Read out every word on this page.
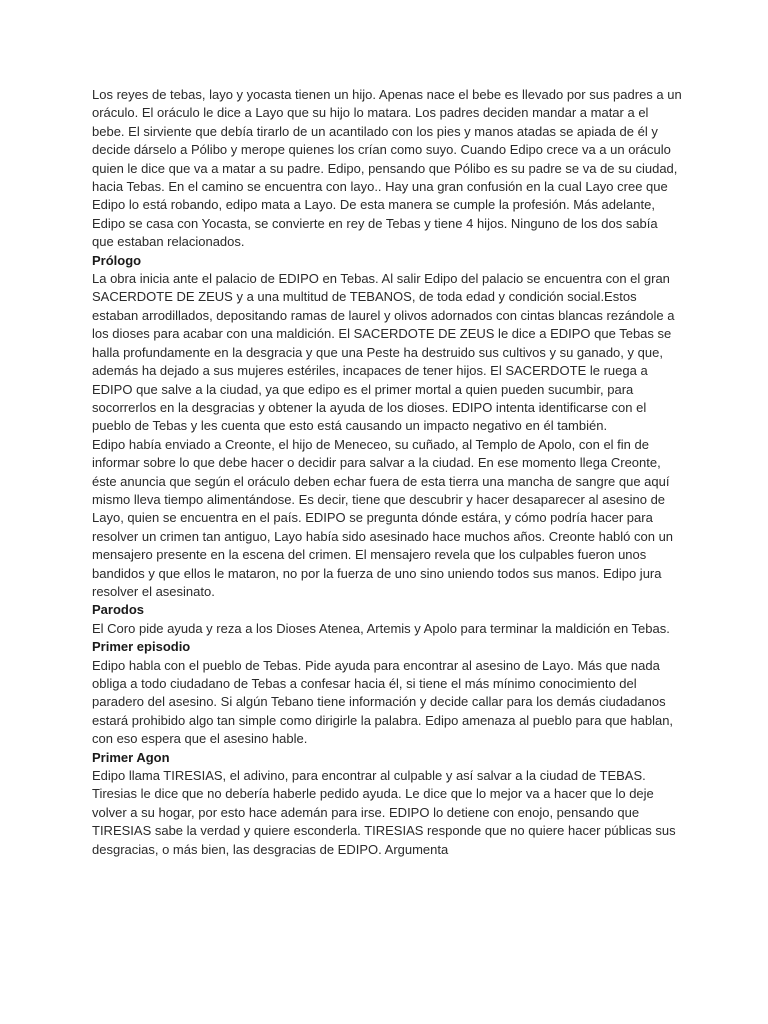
Los reyes de tebas, layo y yocasta tienen un hijo. Apenas nace el bebe es llevado por sus padres a un oráculo. El oráculo le dice a Layo que su hijo lo matara. Los padres deciden mandar a matar a el bebe. El sirviente que debía tirarlo de un acantilado con los pies y manos atadas se apiada de él y decide dárselo a Pólibo y merope quienes los crían como suyo. Cuando Edipo crece va a un oráculo quien le dice que va a matar a su padre. Edipo, pensando que Pólibo es su padre se va de su ciudad, hacia Tebas. En el camino se encuentra con layo.. Hay una gran confusión en la cual Layo cree que Edipo lo está robando, edipo mata a Layo. De esta manera se cumple la profesión. Más adelante, Edipo se casa con Yocasta, se convierte en rey de Tebas y tiene 4 hijos. Ninguno de los dos sabía que estaban relacionados.

Prólogo

La obra inicia ante el palacio de EDIPO en Tebas. Al salir Edipo del palacio se encuentra con el gran SACERDOTE DE ZEUS y a una multitud de TEBANOS, de toda edad y condición social.Estos estaban arrodillados, depositando ramas de laurel y olivos adornados con cintas blancas rezándole a los dioses para acabar con una maldición. El SACERDOTE DE ZEUS le dice a EDIPO que Tebas se halla profundamente en la desgracia y que una Peste ha destruido sus cultivos y su ganado, y que, además ha dejado a sus mujeres estériles, incapaces de tener hijos. El SACERDOTE le ruega a EDIPO que salve a la ciudad, ya que edipo es el primer mortal a quien pueden sucumbir, para socorrerlos en la desgracias y obtener la ayuda de los dioses. EDIPO intenta identificarse con el pueblo de Tebas y les cuenta que esto está causando un impacto negativo en él también.

Edipo había enviado a Creonte, el hijo de Meneceo, su cuñado, al Templo de Apolo, con el fin de informar sobre lo que debe hacer o decidir para salvar a la ciudad. En ese momento llega Creonte, éste anuncia que según el oráculo deben echar fuera de esta tierra una mancha de sangre que aquí mismo lleva tiempo alimentándose. Es decir, tiene que descubrir y hacer desaparecer al asesino de Layo, quien se encuentra en el país. EDIPO se pregunta dónde estára, y cómo podría hacer para resolver un crimen tan antiguo, Layo había sido asesinado hace muchos años. Creonte habló con un mensajero presente en la escena del crimen. El mensajero revela que los culpables fueron unos bandidos y que ellos le mataron, no por la fuerza de uno sino uniendo todos sus manos. Edipo jura resolver el asesinato.

Parodos

El Coro pide ayuda y reza a los Dioses Atenea, Artemis y Apolo para terminar la maldición en Tebas.

Primer episodio

Edipo habla con el pueblo de Tebas. Pide ayuda para encontrar al asesino de Layo. Más que nada obliga a todo ciudadano de Tebas a confesar hacia él, si tiene el más mínimo conocimiento del paradero del asesino. Si algún Tebano tiene información y decide callar para los demás ciudadanos estará prohibido algo tan simple como dirigirle la palabra. Edipo amenaza al pueblo para que hablan, con eso espera que el asesino hable.

Primer Agon

Edipo llama TIRESIAS, el adivino, para encontrar al culpable y así salvar a la ciudad de TEBAS. Tiresias le dice que no debería haberle pedido ayuda. Le dice que lo mejor va a hacer que lo deje volver a su hogar, por esto hace ademán para irse. EDIPO lo detiene con enojo, pensando que TIRESIAS sabe la verdad y quiere esconderla. TIRESIAS responde que no quiere hacer públicas sus desgracias, o más bien, las desgracias de EDIPO. Argumenta
